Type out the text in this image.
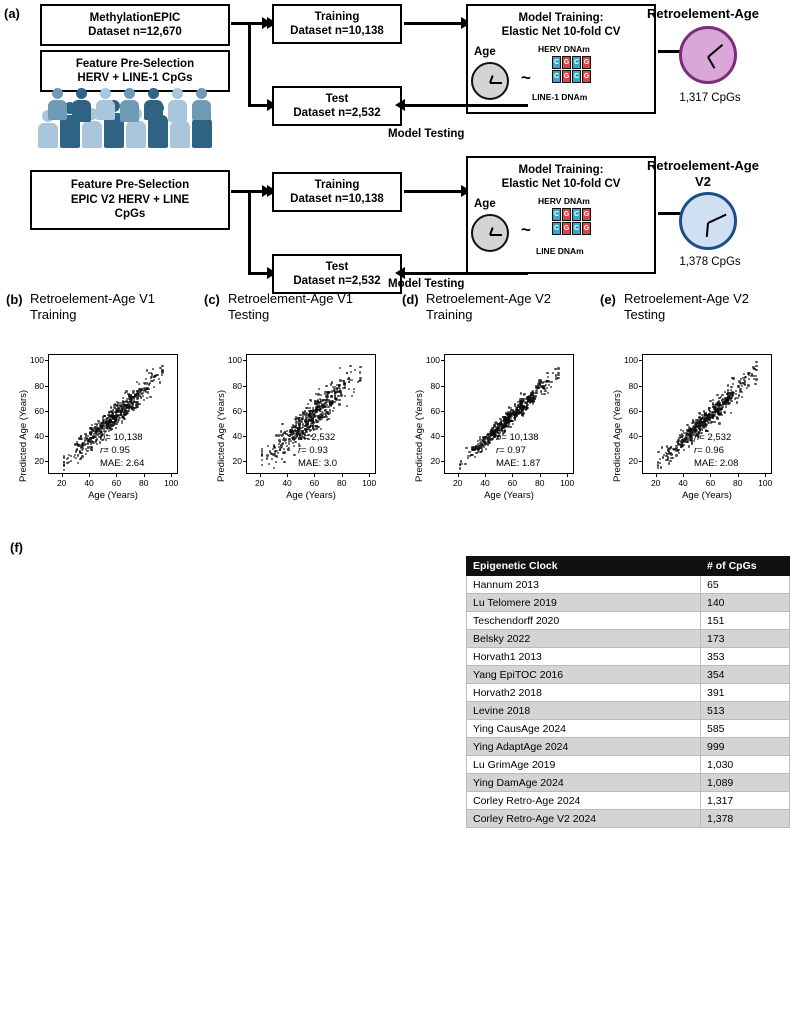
(a)	MethylationEPIC
Dataset n=12,670
Feature Pre-Selection
HERV + LINE-1 CpGs
Feature Pre-Selection
EPIC V2 HERV + LINE
CpGs
Training
Dataset n=10,138
Test
Dataset n=2,532
Model Training:
Elastic Net 10-fold CV
Age
~
HERV DNAm
C G C G
C G C G
LINE-1 DNAm
Model Testing
Retroelement-Age
1,317 CpGs
Training
Dataset n=10,138
Test
Dataset n=2,532
Model Training:
Elastic Net 10-fold CV
Age
~
HERV DNAm
C G C G
C G C G
LINE DNAm
Model Testing
Retroelement-Age
V2
1,378 CpGs
(b) Retroelement-Age V1
Training
Predicted Age (Years)
20	40	60	80	100
20
40
60
80
100
Age (Years)
n= 10,138
r= 0.95
MAE: 2.64
(c) Retroelement-Age V1
Testing
Predicted Age (Years)
20	40	60	80	100
20
40
60
80
100
Age (Years)
n= 2,532
r= 0.93
MAE: 3.0
(d) Retroelement-Age V2
Training
Predicted Age (Years)
20	40	60	80	100
20
40
60
80
100
Age (Years)
n= 10,138
r= 0.97
MAE: 1.87
(e) Retroelement-Age V2
Testing
Predicted Age (Years)
20	40	60	80	100
20
40
60
80
100
Age (Years)
n= 2,532
r= 0.96
MAE: 2.08
(f)
Epigenetic Clock	# of CpGs
Hannum 2013	65
Lu Telomere 2019	140
Teschendorff 2020	151
Belsky 2022	173
Horvath1 2013	353
Yang EpiTOC 2016	354
Horvath2 2018	391
Levine 2018	513
Ying CausAge 2024	585
Ying AdaptAge 2024	999
Lu GrimAge 2019	1,030
Ying DamAge 2024	1,089
Corley Retro-Age 2024	1,317
Corley Retro-Age V2 2024	1,378
